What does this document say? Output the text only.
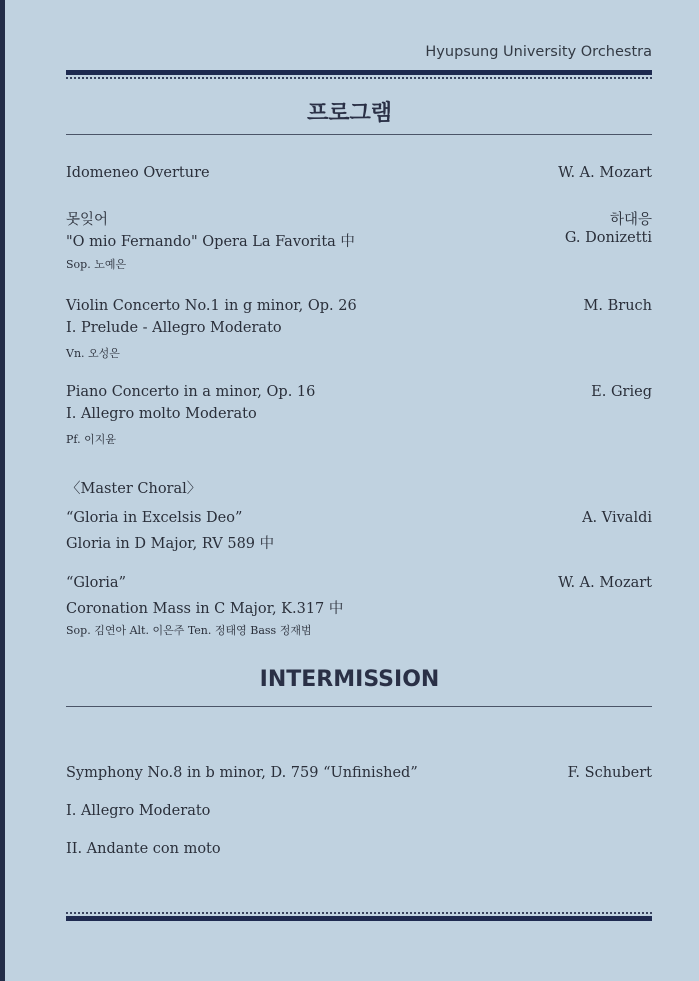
Hyupsung University Orchestra
프로그램
Idomeneo Overture	W. A. Mozart
못잊어	하대응
"O mio Fernando" Opera La Favorita 中	G. Donizetti
Sop. 노예은
Violin Concerto No.1 in g minor, Op. 26	M. Bruch
I. Prelude - Allegro Moderato
Vn. 오성은
Piano Concerto in a minor, Op. 16	E. Grieg
I. Allegro molto Moderato
Pf. 이지윤
〈Master Choral〉
“Gloria in Excelsis Deo”	A. Vivaldi
Gloria in D Major, RV 589 中
“Gloria”	W. A. Mozart
Coronation Mass in C Major, K.317 中
Sop. 김연아 Alt. 이은주 Ten. 정태영 Bass 정재범
INTERMISSION
Symphony No.8 in b minor, D. 759 “Unfinished”	F. Schubert
I. Allegro Moderato
II. Andante con moto
